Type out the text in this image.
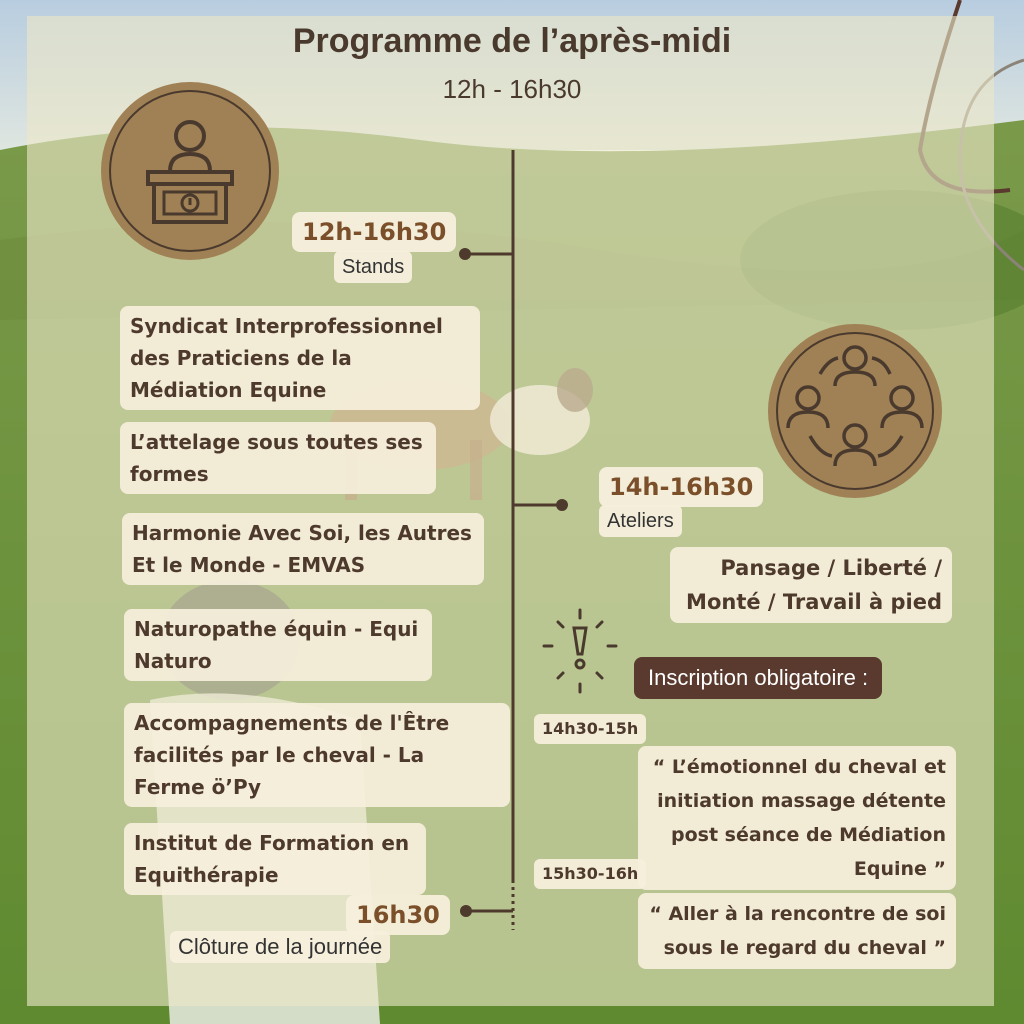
Programme de l’après-midi
12h - 16h30
12h-16h30
Stands
Syndicat Interprofessionnel des Praticiens de la Médiation Equine
L’attelage sous toutes ses formes
Harmonie Avec Soi, les Autres Et le Monde - EMVAS
Naturopathe équin - Equi Naturo
Accompagnements de l'Être facilités par le cheval - La Ferme ö’Py
Institut de Formation en Equithérapie
14h-16h30
Ateliers
Pansage / Liberté / Monté / Travail à pied
Inscription obligatoire :
14h30-15h
“ L’émotionnel du cheval et initiation massage détente post séance de Médiation Equine ”
15h30-16h
“ Aller à la rencontre de soi sous le regard du cheval ”
16h30
Clôture de la journée
